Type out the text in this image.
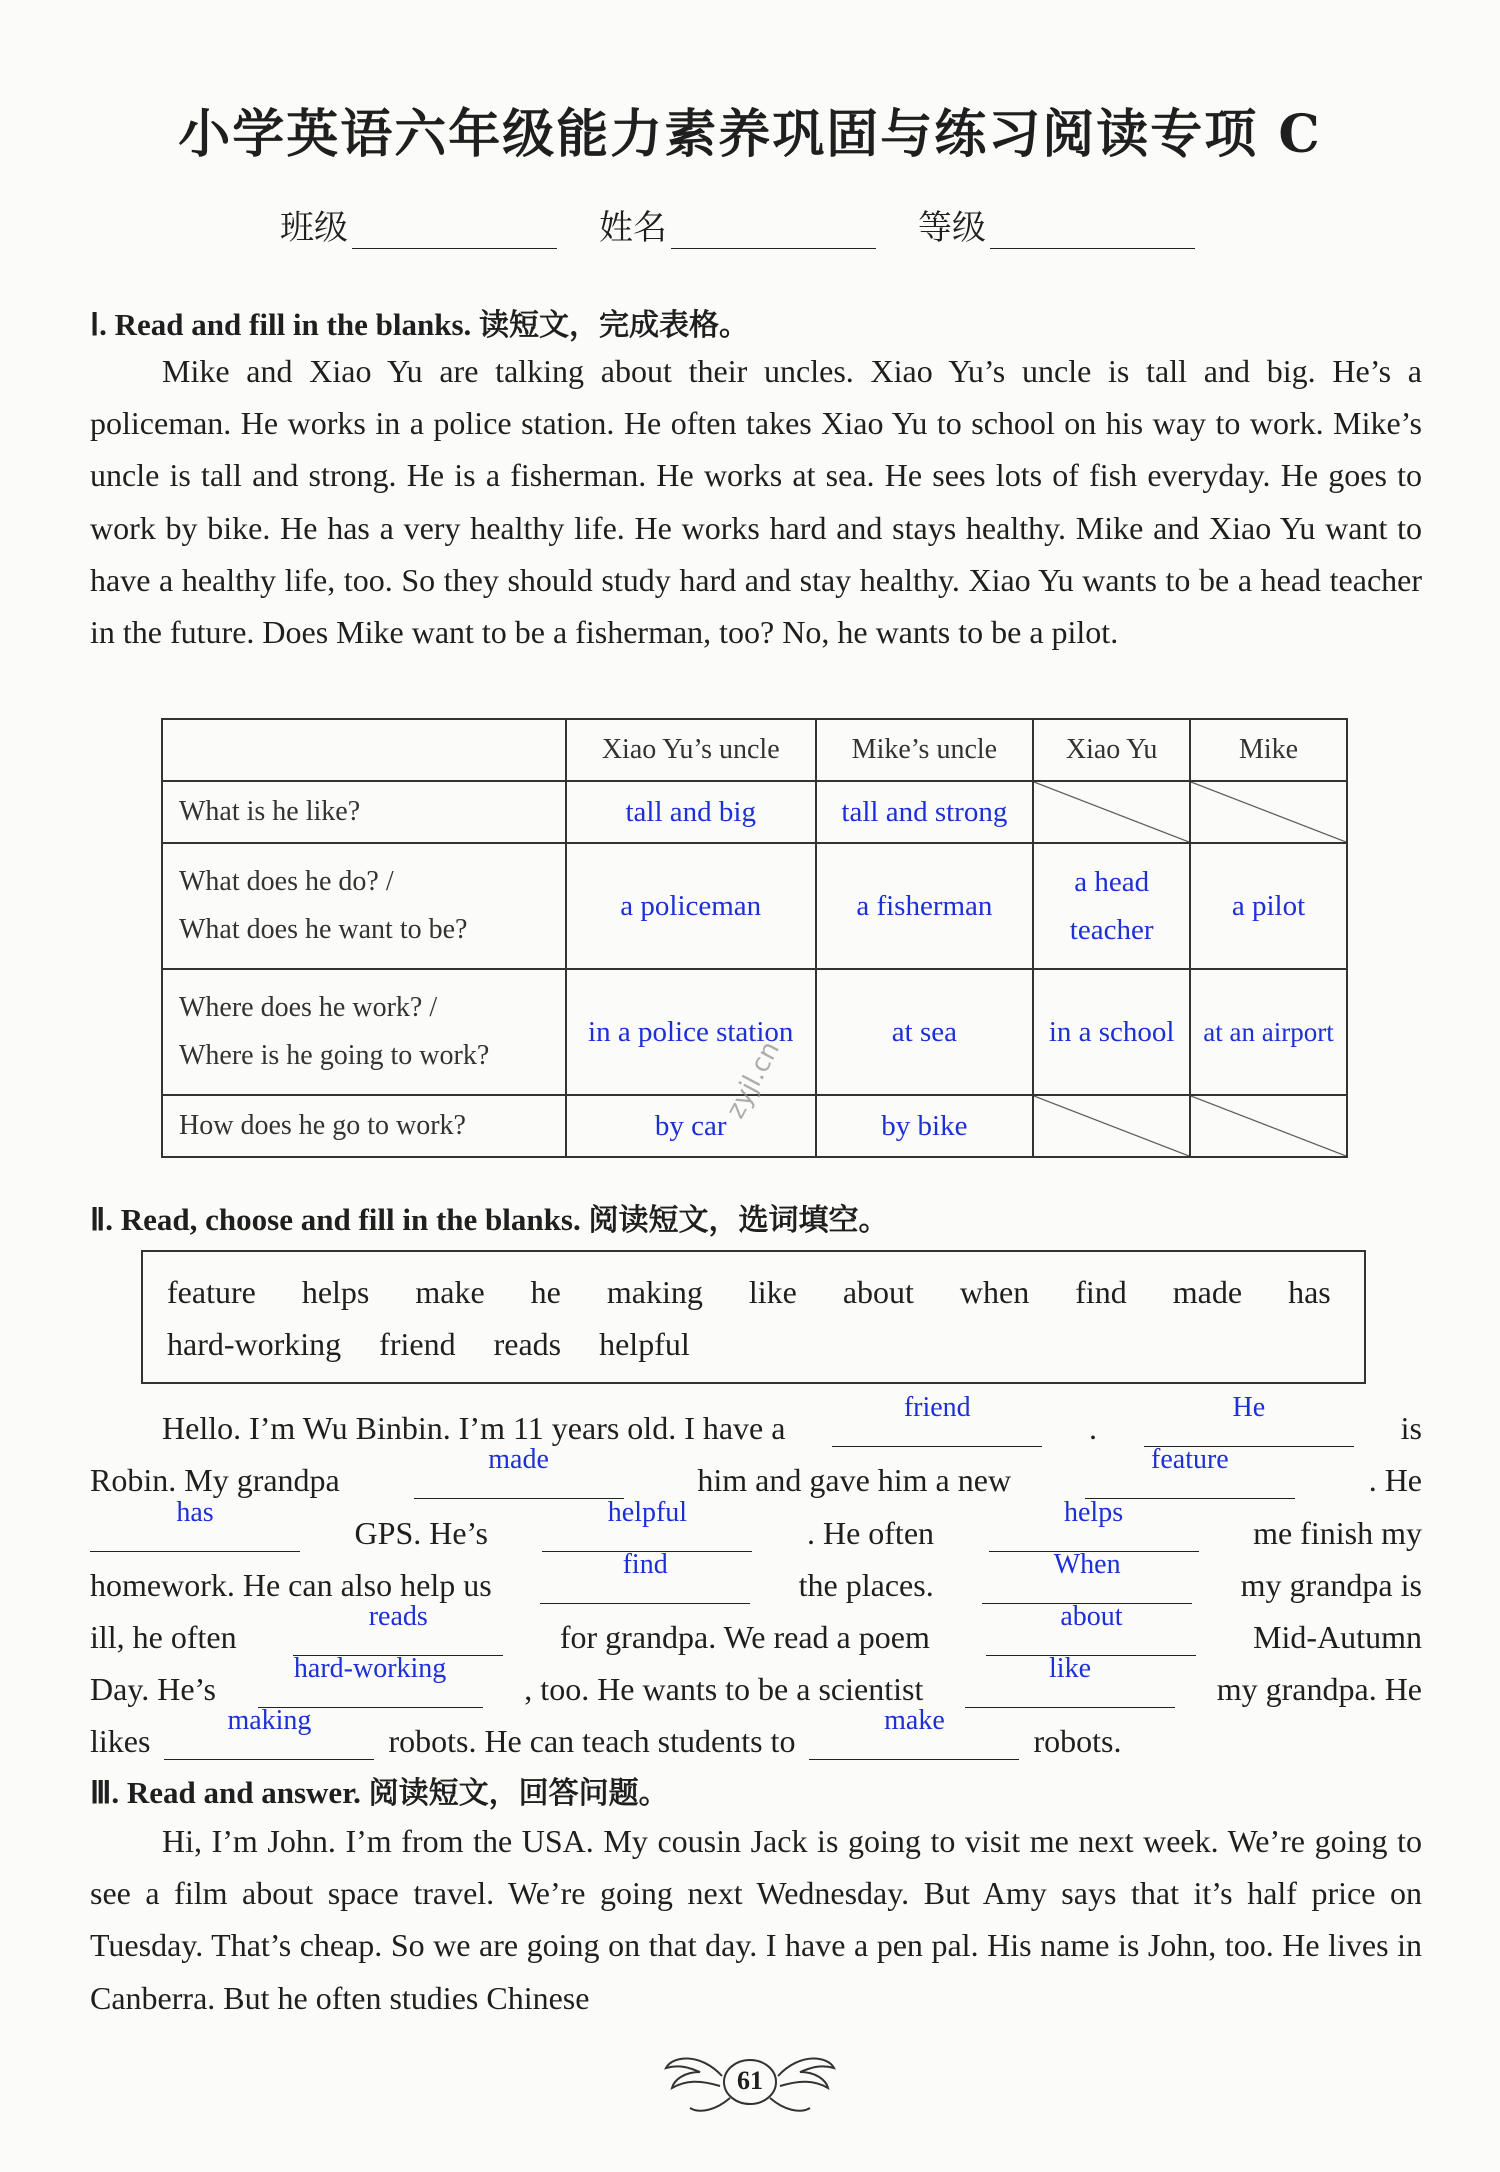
小学英语六年级能力素养巩固与练习阅读专项 C
班级	姓名	等级
Ⅰ. Read and fill in the blanks. 读短文，完成表格。

Mike and Xiao Yu are talking about their uncles. Xiao Yu’s uncle is tall and big. He’s a policeman. He works in a police station. He often takes Xiao Yu to school on his way to work. Mike’s uncle is tall and strong. He is a fisherman. He works at sea. He sees lots of fish everyday. He goes to work by bike. He has a very healthy life. He works hard and stays healthy. Mike and Xiao Yu want to have a healthy life, too. So they should study hard and stay healthy. Xiao Yu wants to be a head teacher in the future. Does Mike want to be a fisherman, too? No, he wants to be a pilot.

	Xiao Yu’s uncle	Mike’s uncle	Xiao Yu	Mike
What is he like?	tall and big	tall and strong		

What does he do? /
What does he want to be?	a policeman	a fisherman	a head teacher	a pilot

Where does he work? /
Where is he going to work?	in a police station	at sea	in a school	at an airport
How does he go to work?	by car	by bike		
zyjl.cn
Ⅱ. Read, choose and fill in the blanks. 阅读短文，选词填空。
feature helps make he making like about when find made has
hard-working friend reads helpful
Hello. I’m Wu Binbin. I’m 11 years old. I have a
friend
.
He
is
Robin. My grandpa
made
him and gave him a new
feature
. He
has
GPS. He’s
helpful
. He often
helps
me finish my
homework. He can also help us
find
the places.
When
my grandpa is
ill, he often
reads
for grandpa. We read a poem
about
Mid-Autumn
Day. He’s
hard-working
, too. He wants to be a scientist
like
my grandpa. He
likes
making
robots. He can teach students to
make
robots.
Ⅲ. Read and answer. 阅读短文，回答问题。

Hi, I’m John. I’m from the USA. My cousin Jack is going to visit me next week. We’re going to see a film about space travel. We’re going next Wednesday. But Amy says that it’s half price on Tuesday. That’s cheap. So we are going on that day. I have a pen pal. His name is John, too. He lives in Canberra. But he often studies Chinese

61
